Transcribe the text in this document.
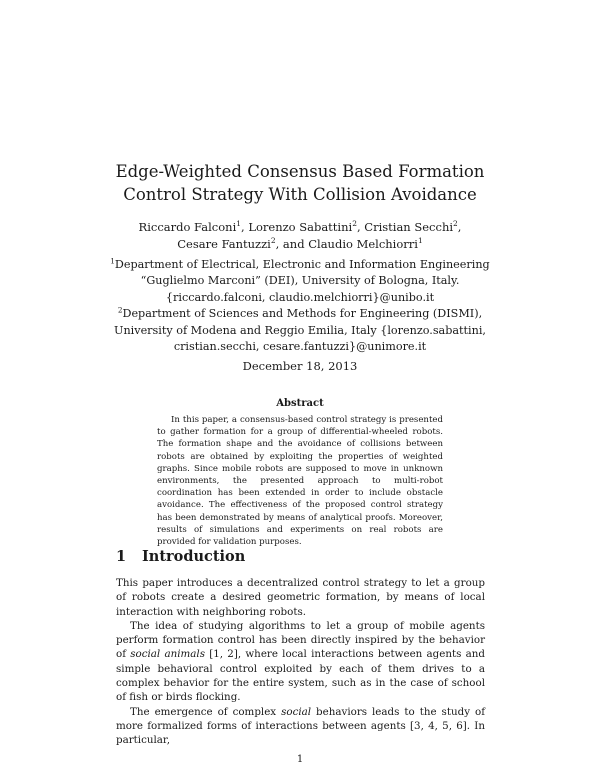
Edge-Weighted Consensus Based Formation
Control Strategy With Collision Avoidance
Riccardo Falconi$^1$, Lorenzo Sabattini$^2$, Cristian Secchi$^2$, Cesare Fantuzzi$^2$, and Claudio Melchiorri$^1$
$^1$Department of Electrical, Electronic and Information Engineering
“Guglielmo Marconi” (DEI), University of Bologna, Italy.
{riccardo.falconi, claudio.melchiorri}@unibo.it
$^2$Department of Sciences and Methods for Engineering (DISMI),
University of Modena and Reggio Emilia, Italy {lorenzo.sabattini,
cristian.secchi, cesare.fantuzzi}@unimore.it
December 18, 2013
Abstract
In this paper, a consensus-based control strategy is presented to gather formation for a group of differential-wheeled robots. The formation shape and the avoidance of collisions between robots are obtained by exploiting the properties of weighted graphs. Since mobile robots are supposed to move in unknown environments, the presented approach to multi-robot coordination has been extended in order to include obstacle avoidance. The effectiveness of the proposed control strategy has been demonstrated by means of analytical proofs. Moreover, results of simulations and experiments on real robots are provided for validation purposes.
1 Introduction

This paper introduces a decentralized control strategy to let a group of robots create a desired geometric formation, by means of local interaction with neighboring robots.

The idea of studying algorithms to let a group of mobile agents perform formation control has been directly inspired by the behavior of social animals [1, 2], where local interactions between agents and simple behavioral control exploited by each of them drives to a complex behavior for the entire system, such as in the case of school of fish or birds flocking.

The emergence of complex social behaviors leads to the study of more formalized forms of interactions between agents [3, 4, 5, 6]. In particular,

1
